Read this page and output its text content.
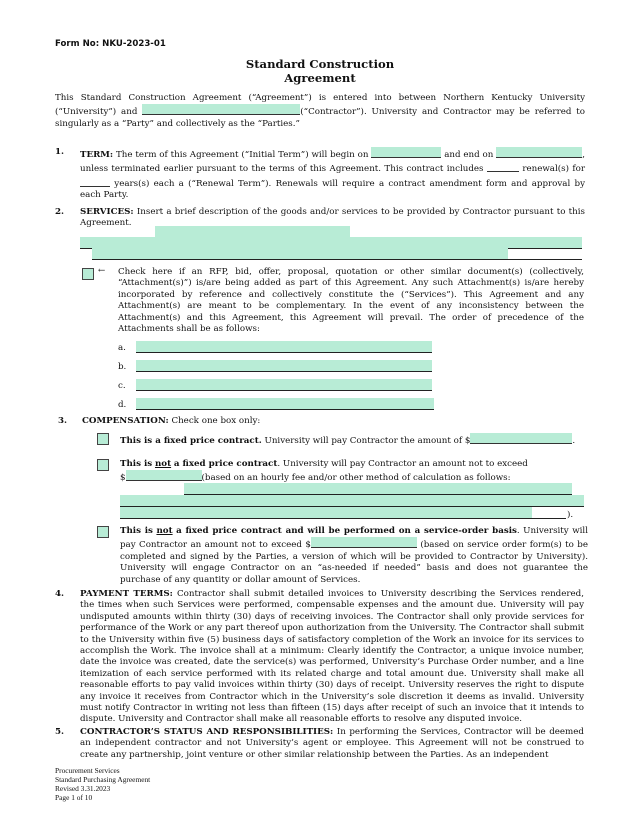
Form No: NKU-2023-01
Standard Construction
Agreement
This Standard Construction Agreement (“Agreement”) is entered into between Northern Kentucky University (“University”) and	(“Contractor”). University and Contractor may be referred to singularly as a “Party” and collectively as the “Parties.”
1. TERM: The term of this Agreement (“Initial Term”) will begin on	and end on	, unless terminated earlier pursuant to the terms of this Agreement. This contract includes	renewal(s) for  years(s) each a (“Renewal Term”). Renewals will require a contract amendment form and approval by each Party.
2. SERVICES: Insert a brief description of the goods and/or services to be provided by Contractor pursuant to this Agreement.
← Check here if an RFP, bid, offer, proposal, quotation or other similar document(s) (collectively, “Attachment(s)”) is/are being added as part of this Agreement. Any such Attachment(s) is/are hereby incorporated by reference and collectively constitute the (“Services”). This Agreement and any Attachment(s) are meant to be complementary. In the event of any inconsistency between the Attachment(s) and this Agreement, this Agreement will prevail. The order of precedence of the Attachments shall be as follows:
a.
b.
c.
d.
3. COMPENSATION: Check one box only:
This is a fixed price contract. University will pay Contractor the amount of $	.
This is not a fixed price contract. University will pay Contractor an amount not to exceed
$	(based on an hourly fee and/or other method of calculation as follows:
).
This is not a fixed price contract and will be performed on a service-order basis. University will pay Contractor an amount not to exceed $	(based on service order form(s) to be completed and signed by the Parties, a version of which will be provided to Contractor by University). University will engage Contractor on an “as-needed if needed” basis and does not guarantee the purchase of any quantity or dollar amount of Services.
4. PAYMENT TERMS: Contractor shall submit detailed invoices to University describing the Services rendered, the times when such Services were performed, compensable expenses and the amount due. University will pay undisputed amounts within thirty (30) days of receiving invoices. The Contractor shall only provide services for performance of the Work or any part thereof upon authorization from the University. The Contractor shall submit to the University within five (5) business days of satisfactory completion of the Work an invoice for its services to accomplish the Work. The invoice shall at a minimum: Clearly identify the Contractor, a unique invoice number, date the invoice was created, date the service(s) was performed, University’s Purchase Order number, and a line itemization of each service performed with its related charge and total amount due. University shall make all reasonable efforts to pay valid invoices within thirty (30) days of receipt. University reserves the right to dispute any invoice it receives from Contractor which in the University’s sole discretion it deems as invalid. University must notify Contractor in writing not less than fifteen (15) days after receipt of such an invoice that it intends to dispute. University and Contractor shall make all reasonable efforts to resolve any disputed invoice.
5. CONTRACTOR’S STATUS AND RESPONSIBILITIES: In performing the Services, Contractor will be deemed an independent contractor and not University’s agent or employee. This Agreement will not be construed to create any partnership, joint venture or other similar relationship between the Parties. As an independent
Procurement Services
Standard Purchasing Agreement
Revised 3.31.2023
Page 1 of 10
